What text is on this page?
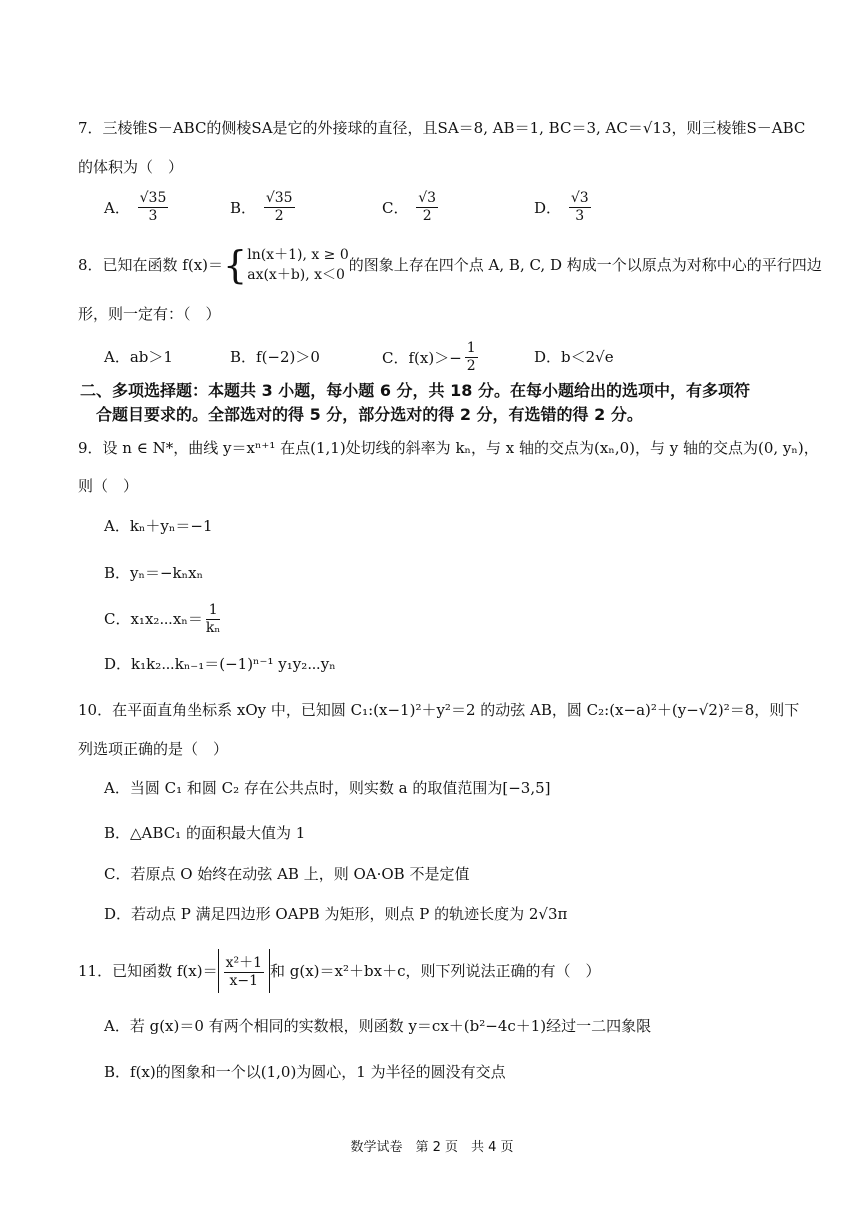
7．三棱锥S－ABC的侧棱SA是它的外接球的直径，且SA＝8, AB＝1, BC＝3, AC＝√13，则三棱锥S－ABC
的体积为（　）
A． $\frac{√35}{3}$	B． $\frac{√35}{2}$	C． $\frac{√3}{2}$	D． $\frac{√3}{3}$
8．已知在函数 f(x)＝{ ln(x＋1), x ≥ 0
ax(x＋b), x＜0
的图象上存在四个点 A, B, C, D 构成一个以原点为对称中心的平行四边
形，则一定有：（　）
A．ab＞1	B．f(−2)＞0	C．$f(x)>- \frac{1}{2}$	D．b＜2√e
二、多项选择题：本题共 3 小题，每小题 6 分，共 18 分。在每小题给出的选项中，有多项符
合题目要求的。全部选对的得 5 分，部分选对的得 2 分，有选错的得 2 分。
9．设 n ∈ N*，曲线 y＝xⁿ⁺¹ 在点(1,1)处切线的斜率为 kₙ，与 x 轴的交点为(xₙ,0)，与 y 轴的交点为(0, yₙ)，
则（　）
A．kₙ＋yₙ＝−1
B．yₙ＝−kₙxₙ
C．x₁x₂⋯xₙ＝ $\frac{1}{\text{kₙ}}$
D．k₁k₂⋯kₙ₋₁＝(−1)ⁿ⁻¹ y₁y₂⋯yₙ
10．在平面直角坐标系 xOy 中，已知圆 C₁:(x−1)²＋y²＝2 的动弦 AB，圆 C₂:(x−a)²＋(y−√2)²＝8，则下
列选项正确的是（　）
A．当圆 C₁ 和圆 C₂ 存在公共点时，则实数 a 的取值范围为[−3,5]
B．△ABC₁ 的面积最大值为 1
C．若原点 O 始终在动弦 AB 上，则 OA·OB 不是定值
D．若动点 P 满足四边形 OAPB 为矩形，则点 P 的轨迹长度为 2√3π
11．已知函数 $f(x)= \frac{\text{x²＋1}}{x-1}$ 和 g(x)＝x²＋bx＋c，则下列说法正确的有（　）
A．若 g(x)＝0 有两个相同的实数根，则函数 y＝cx＋(b²−4c＋1)经过一二四象限
B．f(x)的图象和一个以(1,0)为圆心，1 为半径的圆没有交点
数学试卷　第 2 页　共 4 页
